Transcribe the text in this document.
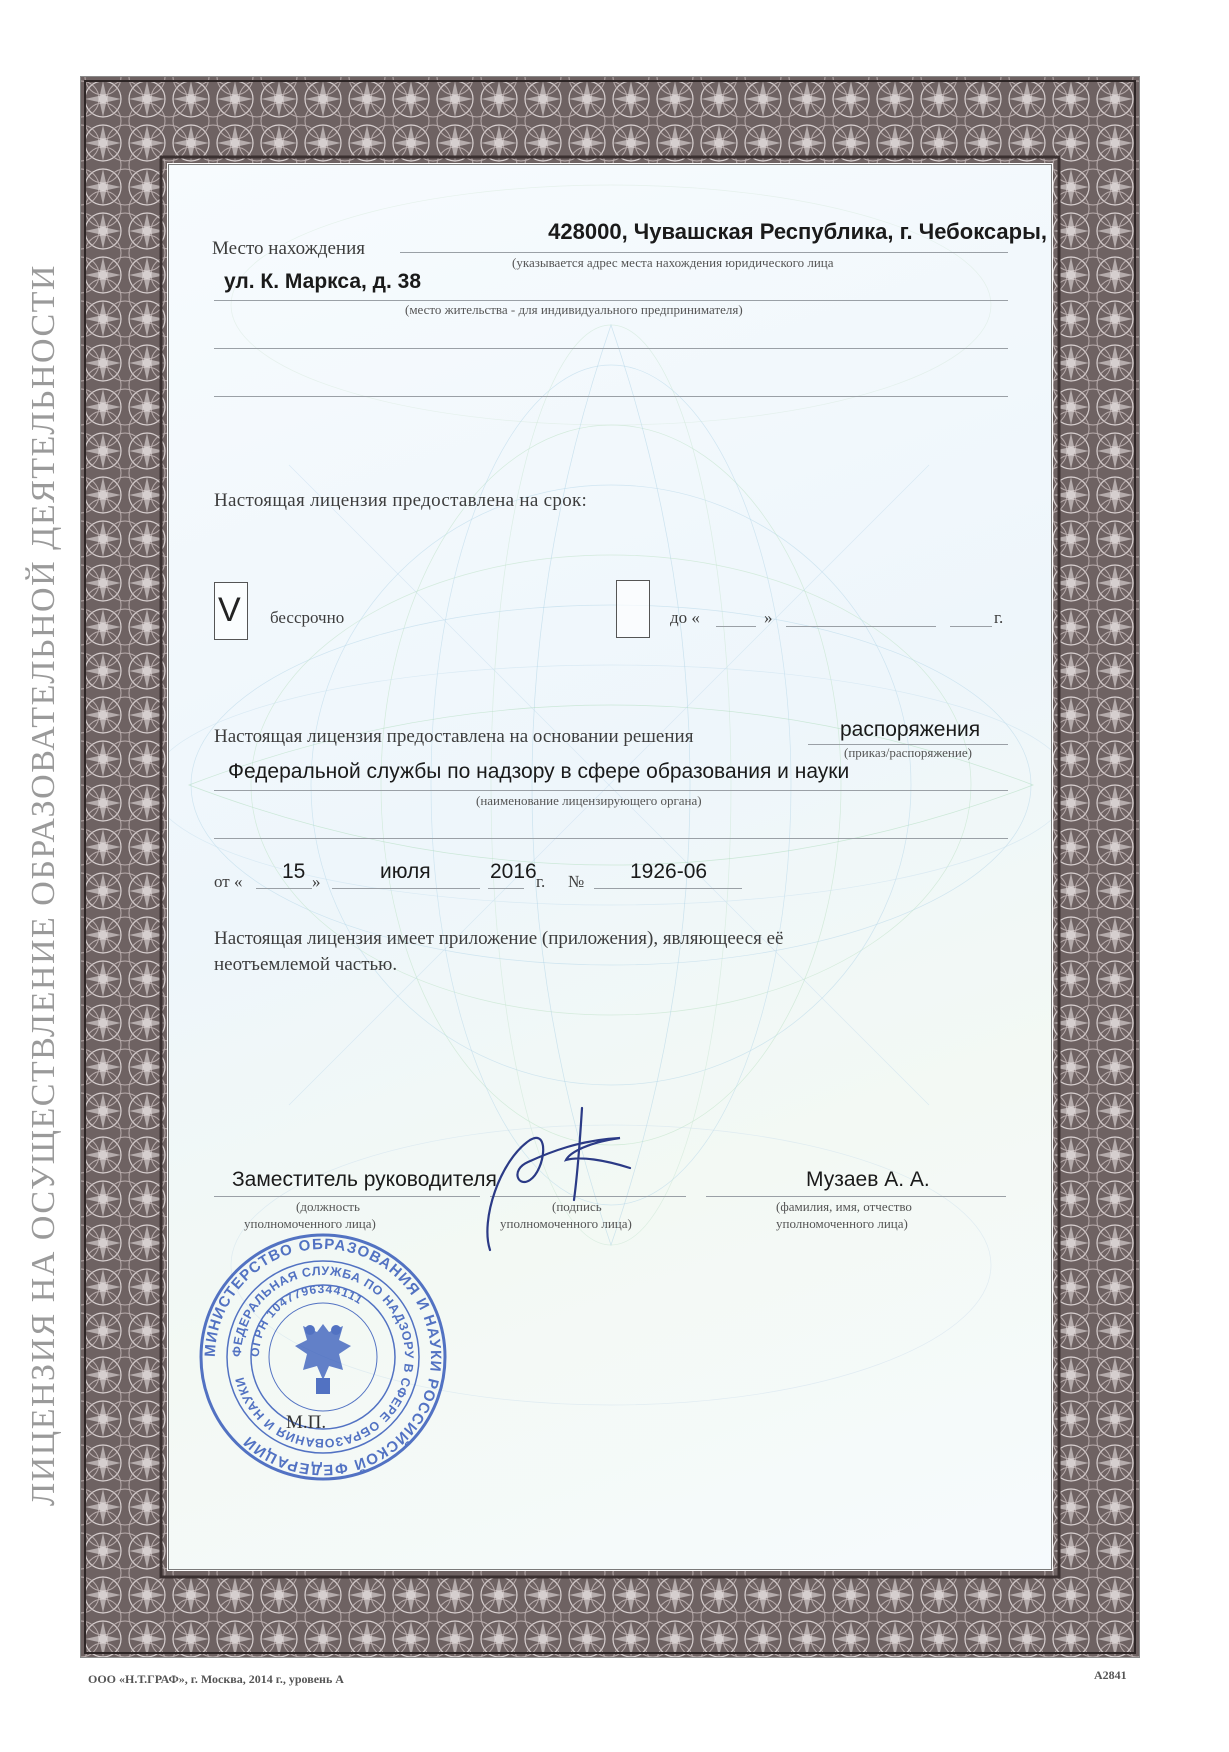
ЛИЦЕНЗИЯ НА ОСУЩЕСТВЛЕНИЕ ОБРАЗОВАТЕЛЬНОЙ ДЕЯТЕЛЬНОСТИ
Место нахождения
428000, Чувашская Республика, г. Чебоксары,
(указывается адрес места нахождения юридического лица
ул. К. Маркса, д. 38
(место жительства - для индивидуального предпринимателя)
Настоящая лицензия предоставлена на срок:
V бессрочно	до «	»	г.
Настоящая лицензия предоставлена на основании решения	распоряжения
(приказ/распоряжение)
Федеральной службы по надзору в сфере образования и науки
(наименование лицензирующего органа)
от « 15 »	июля	2016 г. № 1926-06
Настоящая лицензия имеет приложение (приложения), являющееся её
неотъемлемой частью.
Заместитель руководителя
(должность
уполномоченного лица)
(подпись
уполномоченного лица)
Музаев А. А.
(фамилия, имя, отчество
уполномоченного лица)
МИНИСТЕРСТВО ОБРАЗОВАНИЯ И НАУКИ РОССИЙСКОЙ ФЕДЕРАЦИИ
ФЕДЕРАЛЬНАЯ СЛУЖБА ПО НАДЗОРУ В СФЕРЕ ОБРАЗОВАНИЯ И НАУКИ
ОГРН 1047796344111
М.П.
ООО «Н.Т.ГРАФ», г. Москва, 2014 г., уровень А	А2841
